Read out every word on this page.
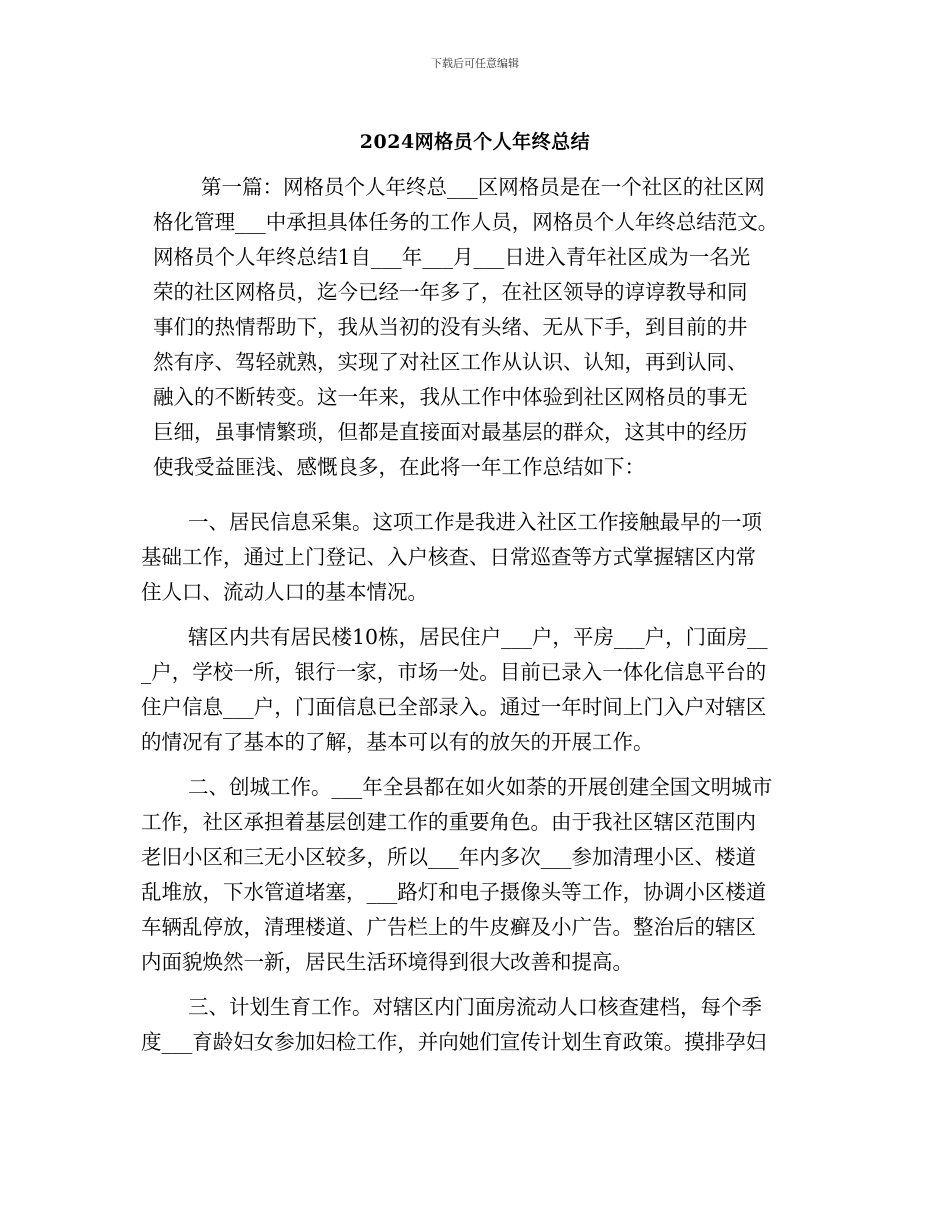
下载后可任意编辑
2024网格员个人年终总结
第一篇：网格员个人年终总___区网格员是在一个社区的社区网
格化管理___中承担具体任务的工作人员，网格员个人年终总结范文。
网格员个人年终总结1自___年___月___日进入青年社区成为一名光
荣的社区网格员，迄今已经一年多了，在社区领导的谆谆教导和同
事们的热情帮助下，我从当初的没有头绪、无从下手，到目前的井
然有序、驾轻就熟，实现了对社区工作从认识、认知，再到认同、
融入的不断转变。这一年来，我从工作中体验到社区网格员的事无
巨细，虽事情繁琐，但都是直接面对最基层的群众，这其中的经历
使我受益匪浅、感慨良多，在此将一年工作总结如下：
一、居民信息采集。这项工作是我进入社区工作接触最早的一项
基础工作，通过上门登记、入户核查、日常巡查等方式掌握辖区内常
住人口、流动人口的基本情况。
辖区内共有居民楼10栋，居民住户___户，平房___户，门面房__
_户，学校一所，银行一家，市场一处。目前已录入一体化信息平台的
住户信息___户，门面信息已全部录入。通过一年时间上门入户对辖区
的情况有了基本的了解，基本可以有的放矢的开展工作。
二、创城工作。___年全县都在如火如荼的开展创建全国文明城市
工作，社区承担着基层创建工作的重要角色。由于我社区辖区范围内
老旧小区和三无小区较多，所以___年内多次___参加清理小区、楼道
乱堆放，下水管道堵塞，___路灯和电子摄像头等工作，协调小区楼道
车辆乱停放，清理楼道、广告栏上的牛皮癣及小广告。整治后的辖区
内面貌焕然一新，居民生活环境得到很大改善和提高。
三、计划生育工作。对辖区内门面房流动人口核查建档，每个季
度___育龄妇女参加妇检工作，并向她们宣传计划生育政策。摸排孕妇
